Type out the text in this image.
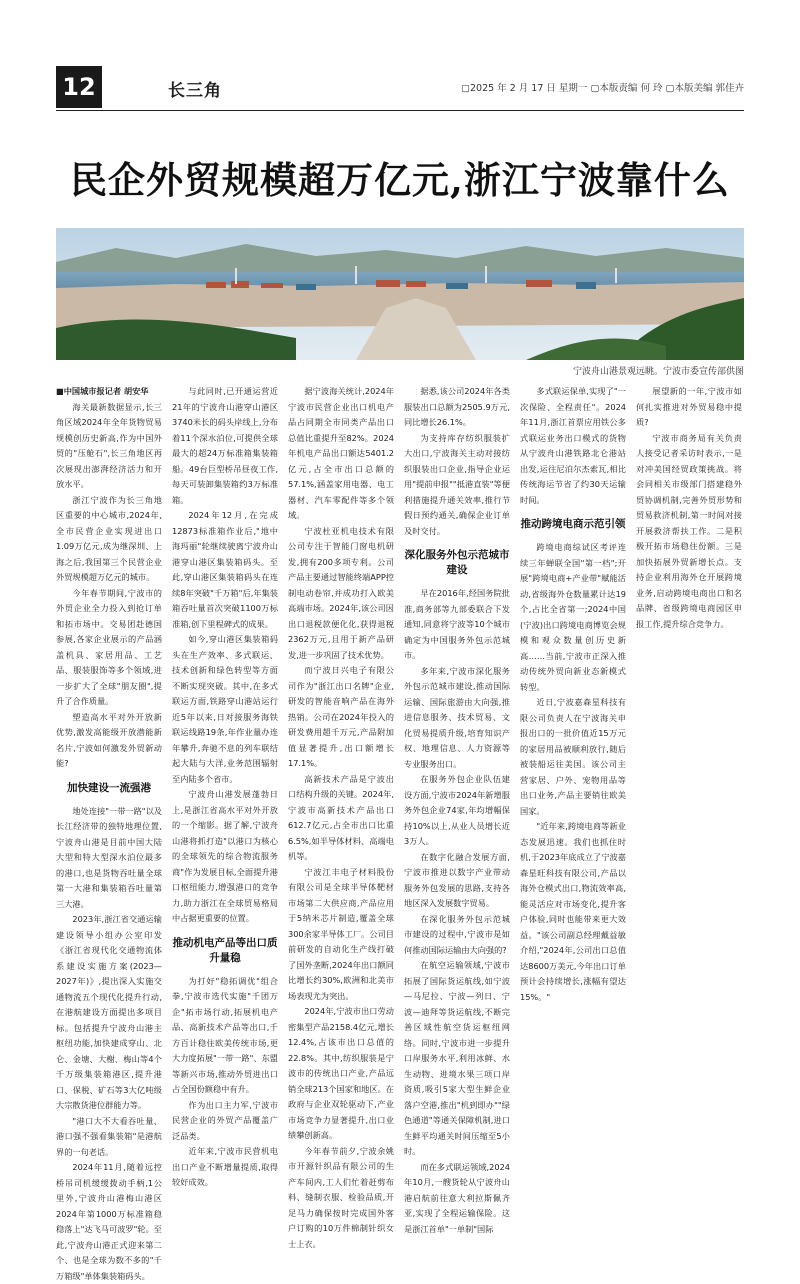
12	长三角	▢2025 年 2 月 17 日 星期一 ▢本版责编 何 玲 ▢本版美编 郭佳卉
民企外贸规模超万亿元,浙江宁波靠什么
宁波舟山港景观远眺。宁波市委宣传部供图

■中国城市报记者 胡安华

海关最新数据显示,长三角区域2024年全年货物贸易规模创历史新高,作为中国外贸的"压舱石",长三角地区再次展现出澎湃经济活力和开放水平。

浙江宁波作为长三角地区重要的中心城市,2024年,全市民营企业实现进出口1.09万亿元,成为继深圳、上海之后,我国第三个民营企业外贸规模超万亿元的城市。

今年春节期间,宁波市的外贸企业全力投入到抢订单和拓市场中。交易团赴德国参展,各家企业展示的产品涵盖机具、家居用品、工艺品、服装服饰等多个领域,进一步扩大了全球"朋友圈",提升了合作质量。

塑造高水平对外开放新优势,激发高能级开放潜能新名片,宁波如何激发外贸新动能?

加快建设一流强港

地处连接"一带一路"以及长江经济带的独特地理位置,宁波舟山港是目前中国大陆大型和特大型深水泊位最多的港口,也是货物吞吐量全球第一大港和集装箱吞吐量第三大港。

2023年,浙江省交通运输建设领导小组办公室印发《浙江省现代化交通物流体系建设实施方案(2023—2027年)》,提出深入实施交通物流五个现代化提升行动,在港航建设方面提出多项目标。包括提升宁波舟山港主枢纽功能,加快建成穿山、北仑、金塘、大榭、梅山等4个千万级集装箱港区,提升港口、保税、矿石等3大亿吨级大宗散货港位群能力等。

"港口大不大看吞吐量、港口强不强看集装箱"是港航界的一句老话。

2024年11月,随着远控桥吊司机缓缓拨动手柄,1公里外,宁波舟山港梅山港区2024年第1000万标准箱稳稳落上"达飞马可波罗"轮。至此,宁波舟山港正式迎来第二个、也是全球为数不多的"千万箱级"单体集装箱码头。

与此同时,已开通运营近21年的宁波舟山港穿山港区3740米长的码头岸线上,分布着11个深水泊位,可提供全球最大的超24万标准箱集装箱船。49台巨型桥吊昼夜工作,每天可装卸集装箱约3万标准箱。

2024年12月,在完成12873标准箱作业后,"地中海玛丽"轮继续驶离宁波舟山港穿山港区集装箱码头。至此,穿山港区集装箱码头在连续8年突破"千万箱"后,年集装箱吞吐量首次突破1100万标准箱,创下里程碑式的成果。

如今,穿山港区集装箱码头在生产效率、多式联运、技术创新和绿色转型等方面不断实现突破。其中,在多式联运方面,铁路穿山港站运行近5年以来,日对接服务海铁联运线路19条,年作业量办连年攀升,奔驰不息的列车联结起大陆与大洋,业务范围辐射至内陆多个省市。

宁波舟山港发展蓬勃日上,是浙江省高水平对外开放的一个缩影。据了解,宁波舟山港将抓打造"以港口为核心的全球领先的综合物流服务商"作为发展目标,全面提升港口枢纽能力,增强港口的竞争力,助力浙江在全球贸易格局中占据更重要的位置。

推动机电产品等出口质升量稳

为打好"稳拓调优"组合拳,宁波市选代实施"千团万企"拓市场行动,拓展机电产品、高新技术产品等出口,千方百计稳住欧美传统市场,更大力度拓展"一带一路"、东盟等新兴市场,推动外贸进出口占全国份额稳中有升。

作为出口主力军,宁波市民营企业的外贸产品覆盖广泛品类。

近年来,宁波市民营机电出口产业不断增量提质,取得较好成效。

据宁波海关统计,2024年宁波市民营企业出口机电产品占同期全市同类产品出口总值比重提升至82%。2024年机电产品出口额达5401.2亿元,占全市出口总额的57.1%,涵盖家用电器、电工器材、汽车零配件等多个领域。

宁波杜亚机电技术有限公司专注于智能门窗电机研发,拥有200多项专利。公司产品主要通过智能终端APP控制电动卷帘,并成功打入欧美高端市场。2024年,该公司因出口退税款便化化,获得退税2362万元,且用于新产品研发,进一步巩固了技术优势。

而宁波日兴电子有限公司作为"浙江出口名牌"企业,研发的智能音响产品在海外热销。公司在2024年投入的研发费用超千万元,产品附加值显著提升,出口额增长17.1%。

高新技术产品是宁波出口结构升级的关键。2024年,宁波市高新技术产品出口612.7亿元,占全市出口比重6.5%,如半导体材料、高端电机等。

宁波江丰电子材料股份有限公司是全球半导体靶材市场第二大供应商,产品应用于5纳米芯片制造,覆盖全球300余家半导体工厂。公司目前研发的自动化生产线打破了国外垄断,2024年出口额同比增长约30%,欧洲和北美市场表现尤为突出。

2024年,宁波市出口劳动密集型产品2158.4亿元,增长12.4%,占该市出口总值的22.8%。其中,纺织服装是宁波市的传统出口产业,产品远销全球213个国家和地区。在政府与企业双轮驱动下,产业市场竞争力显著提升,出口业绩攀创新高。

今年春节前夕,宁波余姚市开源针织品有限公司的生产车间内,工人们忙着赶剪布料、缝制衣服、检验品质,开足马力确保按时完成国外客户订购的10万件棉制针织女士上衣。

据悉,该公司2024年各类服装出口总额为2505.9万元,同比增长26.1%。

为支持库存纺织服装扩大出口,宁波海关主动对接纺织服装出口企业,指导企业运用"提前申报""抵港直装"等便利措施提升通关效率,推行节假日预约通关,确保企业订单及时交付。

深化服务外包示范城市建设

早在2016年,经国务院批准,商务部等九部委联合下发通知,同意将宁波等10个城市确定为中国服务外包示范城市。

多年来,宁波市深化服务外包示范城市建设,推动国际运输、国际旅游由大向强,推进信息服务、技术贸易、文化贸易提质升级,培育知识产权、地理信息、人力资源等专业服务出口。

在服务外包企业队伍建设方面,宁波市2024年新增服务外包企业74家,年均增幅保持10%以上,从业人员增长近3万人。

在数字化融合发展方面,宁波市推进以数字产业带动服务外包发展的思路,支持各地区深入发展数字贸易。

在深化服务外包示范城市建设的过程中,宁波市是如何推动国际运输由大向强的?

在航空运输领域,宁波市拓展了国际货运航线,如宁波—马尼拉、宁波—列日、宁波—迪拜等货运航线,不断完善区域性航空货运枢纽网络。同时,宁波市进一步提升口岸服务水平,利用冰鲜、水生动物、进境水果三项口岸资质,吸引5家大型生鲜企业落户空港,推出"机到即办""绿色通道"等通关保障机制,进口生鲜平均通关时间压缩至5小时。

而在多式联运领域,2024年10月,一艘货轮从宁波舟山港启航前往意大利拉斯佩齐亚,实现了全程运输保险。这是浙江首单"一单制"国际

多式联运保单,实现了"一次保险、全程责任"。2024年11月,浙江首票应用铁公多式联运业务出口模式的货物从宁波舟山港铁路北仑港站出发,运往尼泊尔杰索瓦,相比传统海运节省了约30天运输时间。

推动跨境电商示范引领

跨境电商综试区考评连续三年蝉联全国"第一档";开展"跨境电商+产业带"赋能活动,省级海外仓数量累计达19个,占比全省第一;2024中国(宁波)出口跨境电商博览会规模和观众数量创历史新高……当前,宁波市正深入推动传统外贸向新业态新模式转型。

近日,宁波嘉森星科技有限公司负责人在宁波海关申报出口的一批价值近15万元的家居用品被顺利放行,随后被装船运往美国。该公司主营家居、户外、宠物用品等出口业务,产品主要销往欧美国家。

"近年来,跨境电商等新业态发展迅速。我们也抓住时机,于2023年底成立了宁波嘉森星旺科技有限公司,产品以海外仓模式出口,物流效率高,能灵活应对市场变化,提升客户体验,同时也能带来更大效益。"该公司副总经理戴益敏介绍,"2024年,公司出口总值达8600万美元,今年出口订单预计会持续增长,涨幅有望达15%。"

展望新的一年,宁波市如何扎实推进对外贸易稳中提质?

宁波市商务局有关负责人接受记者采访时表示,一是对冲美国经贸政策挑战。将会同相关市级部门搭建稳外贸协调机制,完善外贸形势和贸易救济机制,第一时间对接开展救济帮扶工作。二是积极开拓市场稳住份额。三是加快拓展外贸新增长点。支持企业利用海外仓开展跨境业务,启动跨境电商出口和名品牌、省级跨境电商园区申报工作,提升综合竞争力。
